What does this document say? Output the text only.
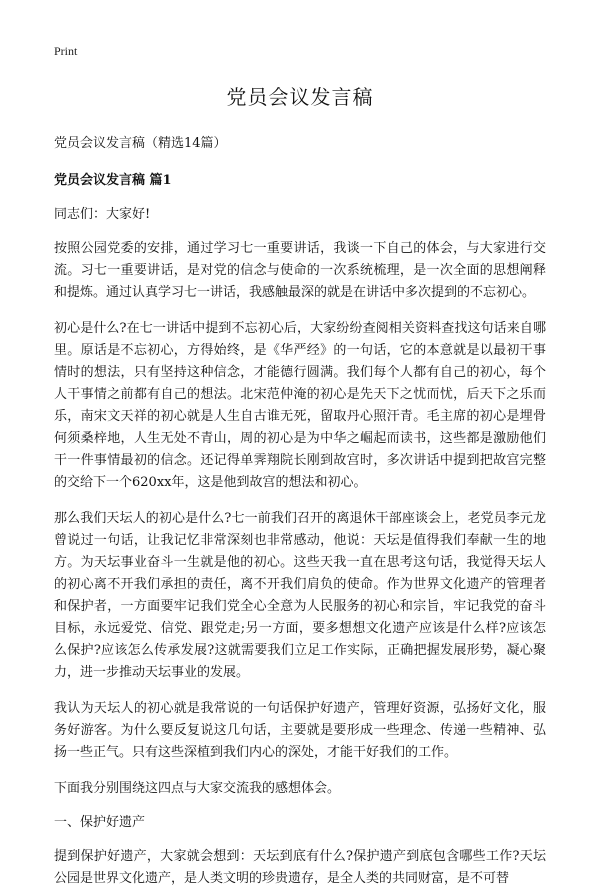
Print
党员会议发言稿
党员会议发言稿（精选14篇）
党员会议发言稿 篇1

同志们：大家好!

按照公园党委的安排，通过学习七一重要讲话，我谈一下自己的体会，与大家进行交流。习七一重要讲话，是对党的信念与使命的一次系统梳理，是一次全面的思想阐释和提炼。通过认真学习七一讲话，我感触最深的就是在讲话中多次提到的不忘初心。

初心是什么?在七一讲话中提到不忘初心后，大家纷纷查阅相关资料查找这句话来自哪里。原话是不忘初心，方得始终，是《华严经》的一句话，它的本意就是以最初干事情时的想法，只有坚持这种信念，才能德行圆满。我们每个人都有自己的初心，每个人干事情之前都有自己的想法。北宋范仲淹的初心是先天下之忧而忧，后天下之乐而乐，南宋文天祥的初心就是人生自古谁无死，留取丹心照汗青。毛主席的初心是埋骨何须桑梓地，人生无处不青山，周的初心是为中华之崛起而读书，这些都是激励他们干一件事情最初的信念。还记得单霁翔院长刚到故宫时，多次讲话中提到把故宫完整的交给下一个620xx年，这是他到故宫的想法和初心。

那么我们天坛人的初心是什么?七一前我们召开的离退休干部座谈会上，老党员李元龙曾说过一句话，让我记忆非常深刻也非常感动，他说：天坛是值得我们奉献一生的地方。为天坛事业奋斗一生就是他的初心。这些天我一直在思考这句话，我觉得天坛人的初心离不开我们承担的责任，离不开我们肩负的使命。作为世界文化遗产的管理者和保护者，一方面要牢记我们党全心全意为人民服务的初心和宗旨，牢记我党的奋斗目标，永远爱党、信党、跟党走;另一方面，要多想想文化遗产应该是什么样?应该怎么保护?应该怎么传承发展?这就需要我们立足工作实际，正确把握发展形势，凝心聚力，进一步推动天坛事业的发展。

我认为天坛人的初心就是我常说的一句话保护好遗产，管理好资源，弘扬好文化，服务好游客。为什么要反复说这几句话，主要就是要形成一些理念、传递一些精神、弘扬一些正气。只有这些深植到我们内心的深处，才能干好我们的工作。

下面我分别围绕这四点与大家交流我的感想体会。

一、保护好遗产

提到保护好遗产，大家就会想到：天坛到底有什么?保护遗产到底包含哪些工作?天坛公园是世界文化遗产，是人类文明的珍贵遗存，是全人类的共同财富，是不可替
